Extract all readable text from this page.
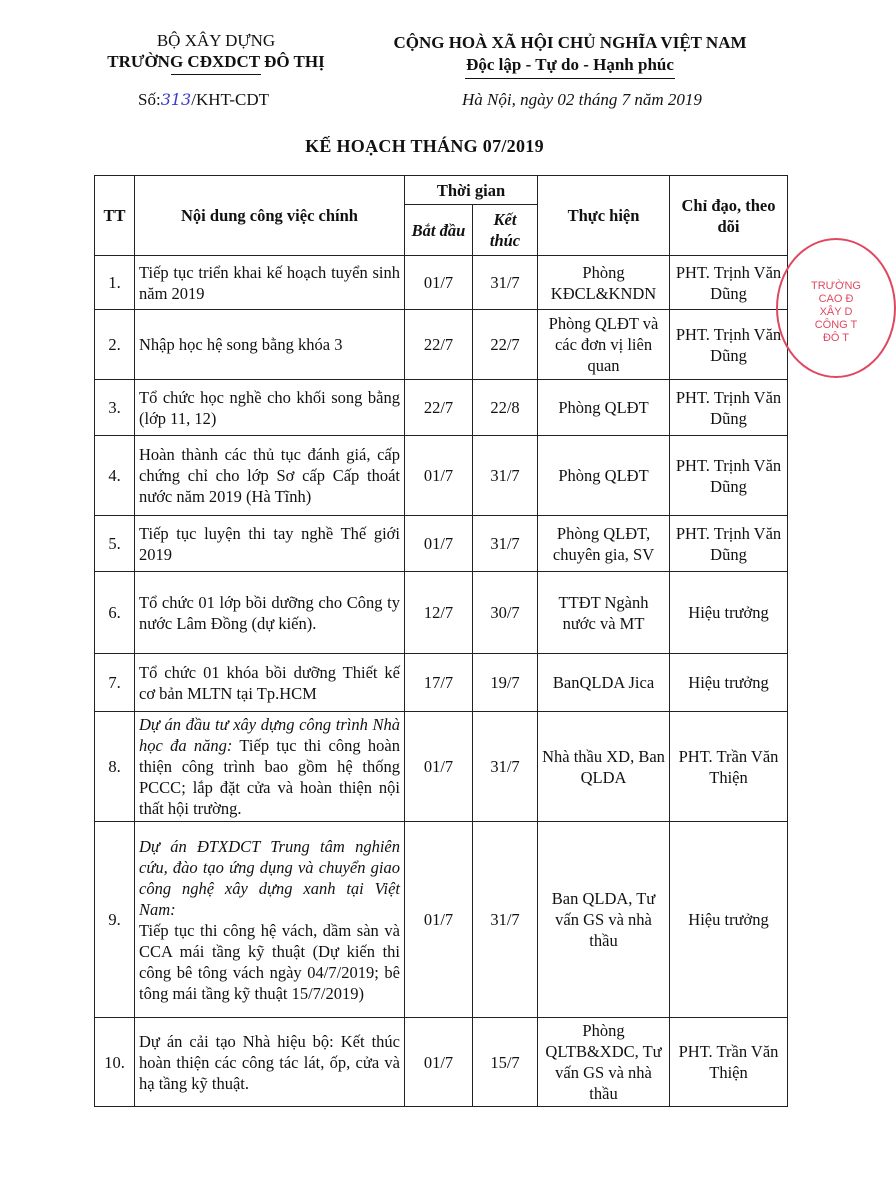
BỘ XÂY DỰNG
TRƯỜNG CĐXDCT ĐÔ THỊ
CỘNG HOÀ XÃ HỘI CHỦ NGHĨA VIỆT NAM
Độc lập - Tự do - Hạnh phúc
Số:313/KHT-CDT	Hà Nội, ngày 02 tháng 7 năm 2019
KẾ HOẠCH THÁNG 07/2019
TT	Nội dung công việc chính	Thời gian		Thực hiện	Chỉ đạo, theo dõi
		Bắt đầu	Kết thúc		
1.	Tiếp tục triển khai kế hoạch tuyển sinh năm 2019	01/7	31/7	Phòng KĐCL&KNDN	PHT. Trịnh Văn Dũng
2.	Nhập học hệ song bằng khóa 3	22/7	22/7	Phòng QLĐT và các đơn vị liên quan	PHT. Trịnh Văn Dũng
3.	Tổ chức học nghề cho khối song bằng (lớp 11, 12)	22/7	22/8	Phòng QLĐT	PHT. Trịnh Văn Dũng
4.	Hoàn thành các thủ tục đánh giá, cấp chứng chỉ cho lớp Sơ cấp Cấp thoát nước năm 2019 (Hà Tĩnh)	01/7	31/7	Phòng QLĐT	PHT. Trịnh Văn Dũng
5.	Tiếp tục luyện thi tay nghề Thế giới 2019	01/7	31/7	Phòng QLĐT, chuyên gia, SV	PHT. Trịnh Văn Dũng
6.	Tổ chức 01 lớp bồi dưỡng cho Công ty nước Lâm Đồng (dự kiến).	12/7	30/7	TTĐT Ngành nước và MT	Hiệu trưởng
7.	Tổ chức 01 khóa bồi dưỡng Thiết kế cơ bản MLTN tại Tp.HCM	17/7	19/7	BanQLDA Jica	Hiệu trưởng
8.	Dự án đầu tư xây dựng công trình Nhà học đa năng: Tiếp tục thi công hoàn thiện công trình bao gồm hệ thống PCCC; lắp đặt cửa và hoàn thiện nội thất hội trường.	01/7	31/7	Nhà thầu XD, Ban QLDA	PHT. Trần Văn Thiện
9.	Dự án ĐTXDCT Trung tâm nghiên cứu, đào tạo ứng dụng và chuyển giao công nghệ xây dựng xanh tại Việt Nam:
Tiếp tục thi công hệ vách, dầm sàn và CCA mái tầng kỹ thuật (Dự kiến thi công bê tông vách ngày 04/7/2019; bê tông mái tầng kỹ thuật 15/7/2019)	01/7	31/7	Ban QLDA, Tư vấn GS và nhà thầu	Hiệu trưởng
10.	Dự án cải tạo Nhà hiệu bộ: Kết thúc hoàn thiện các công tác lát, ốp, cửa và hạ tầng kỹ thuật.	01/7	15/7	Phòng QLTB&XDC, Tư vấn GS và nhà thầu	PHT. Trần Văn Thiện
TRƯỜNG
CAO Đ
XÂY D
CÔNG T
ĐÔ T
